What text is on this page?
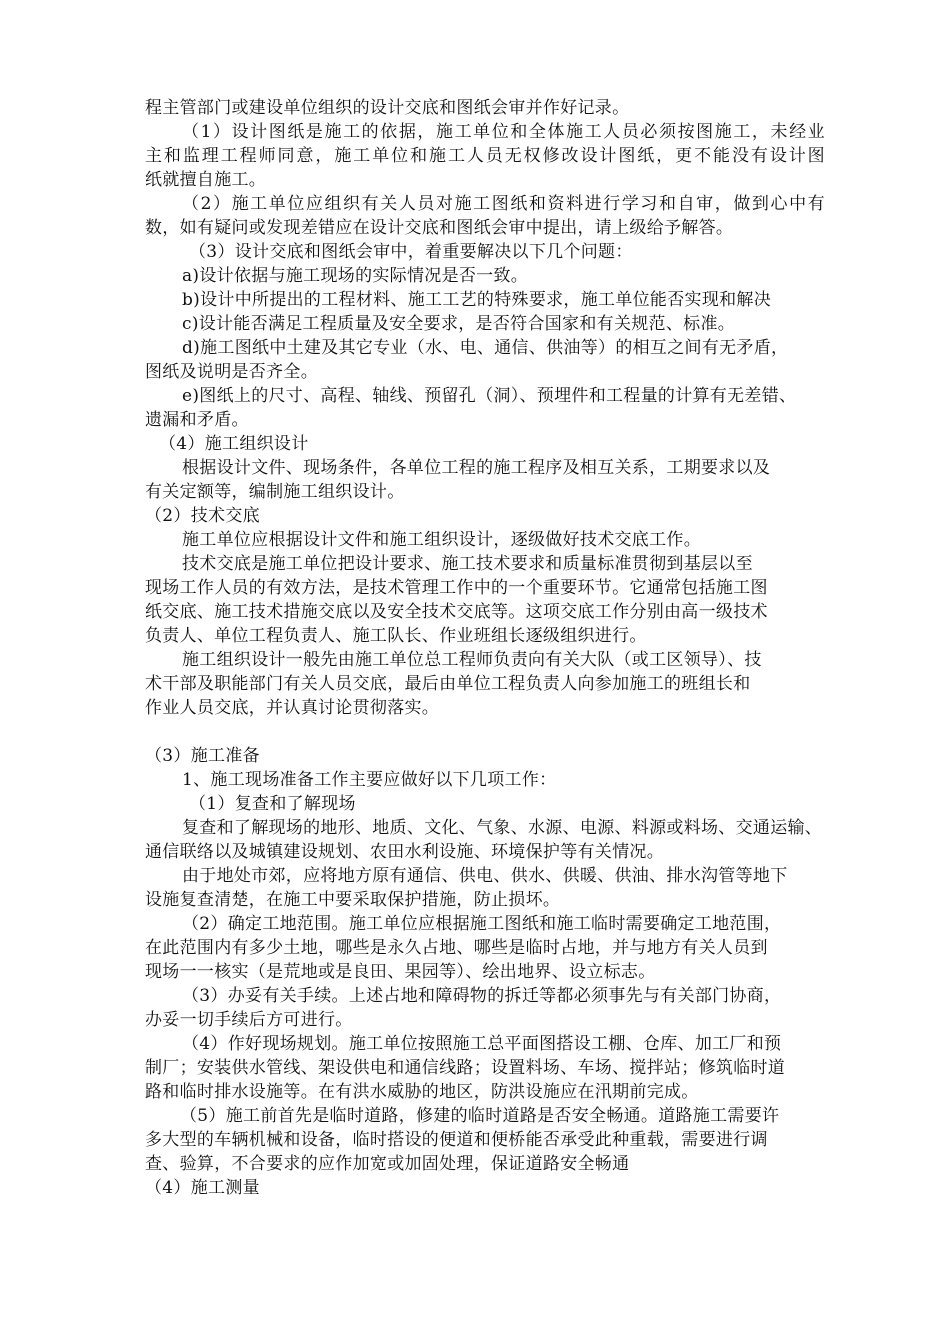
程主管部门或建设单位组织的设计交底和图纸会审并作好记录。
（1）设计图纸是施工的依据，施工单位和全体施工人员必须按图施工，未经业
主和监理工程师同意，施工单位和施工人员无权修改设计图纸，更不能没有设计图
纸就擅自施工。
（2）施工单位应组织有关人员对施工图纸和资料进行学习和自审，做到心中有
数，如有疑问或发现差错应在设计交底和图纸会审中提出，请上级给予解答。
（3）设计交底和图纸会审中，着重要解决以下几个问题：
a)设计依据与施工现场的实际情况是否一致。
b)设计中所提出的工程材料、施工工艺的特殊要求，施工单位能否实现和解决
c)设计能否满足工程质量及安全要求，是否符合国家和有关规范、标准。
d)施工图纸中土建及其它专业（水、电、通信、供油等）的相互之间有无矛盾，
图纸及说明是否齐全。
e)图纸上的尺寸、高程、轴线、预留孔（洞）、预埋件和工程量的计算有无差错、
遗漏和矛盾。
（4）施工组织设计
根据设计文件、现场条件，各单位工程的施工程序及相互关系，工期要求以及
有关定额等，编制施工组织设计。
（2）技术交底
施工单位应根据设计文件和施工组织设计，逐级做好技术交底工作。
技术交底是施工单位把设计要求、施工技术要求和质量标准贯彻到基层以至
现场工作人员的有效方法，是技术管理工作中的一个重要环节。它通常包括施工图
纸交底、施工技术措施交底以及安全技术交底等。这项交底工作分别由高一级技术
负责人、单位工程负责人、施工队长、作业班组长逐级组织进行。
施工组织设计一般先由施工单位总工程师负责向有关大队（或工区领导）、技
术干部及职能部门有关人员交底，最后由单位工程负责人向参加施工的班组长和
作业人员交底，并认真讨论贯彻落实。
（3）施工准备
1、施工现场准备工作主要应做好以下几项工作：
（1）复查和了解现场
复查和了解现场的地形、地质、文化、气象、水源、电源、料源或料场、交通运输、
通信联络以及城镇建设规划、农田水利设施、环境保护等有关情况。
由于地处市郊，应将地方原有通信、供电、供水、供暖、供油、排水沟管等地下
设施复查清楚，在施工中要采取保护措施，防止损坏。
（2）确定工地范围。施工单位应根据施工图纸和施工临时需要确定工地范围，
在此范围内有多少土地，哪些是永久占地、哪些是临时占地，并与地方有关人员到
现场一一核实（是荒地或是良田、果园等）、绘出地界、设立标志。
（3）办妥有关手续。上述占地和障碍物的拆迁等都必须事先与有关部门协商，
办妥一切手续后方可进行。
（4）作好现场规划。施工单位按照施工总平面图搭设工棚、仓库、加工厂和预
制厂；安装供水管线、架设供电和通信线路；设置料场、车场、搅拌站；修筑临时道
路和临时排水设施等。在有洪水威胁的地区，防洪设施应在汛期前完成。
（5）施工前首先是临时道路，修建的临时道路是否安全畅通。道路施工需要许
多大型的车辆机械和设备，临时搭设的便道和便桥能否承受此种重载，需要进行调
查、验算，不合要求的应作加宽或加固处理，保证道路安全畅通
（4）施工测量
